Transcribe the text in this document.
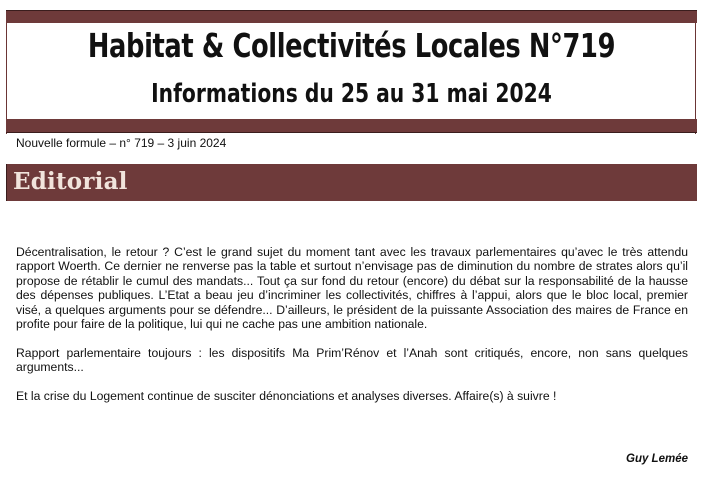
Habitat & Collectivités Locales N°719
Informations du 25 au 31 mai 2024
Nouvelle formule – n° 719 – 3 juin 2024
Editorial

Décentralisation, le retour ? C’est le grand sujet du moment tant avec les travaux parlementaires qu’avec le très attendu rapport Woerth. Ce dernier ne renverse pas la table et surtout n’envisage pas de diminution du nombre de strates alors qu’il propose de rétablir le cumul des mandats... Tout ça sur fond du retour (encore) du débat sur la responsabilité de la hausse des dépenses publiques. L’Etat a beau jeu d’incriminer les collectivités, chiffres à l’appui, alors que le bloc local, premier visé, a quelques arguments pour se défendre... D’ailleurs, le président de la puissante Association des maires de France en profite pour faire de la politique, lui qui ne cache pas une ambition nationale.

Rapport parlementaire toujours : les dispositifs Ma Prim’Rénov et l’Anah sont critiqués, encore, non sans quelques arguments...

Et la crise du Logement continue de susciter dénonciations et analyses diverses. Affaire(s) à suivre !

Guy Lemée
